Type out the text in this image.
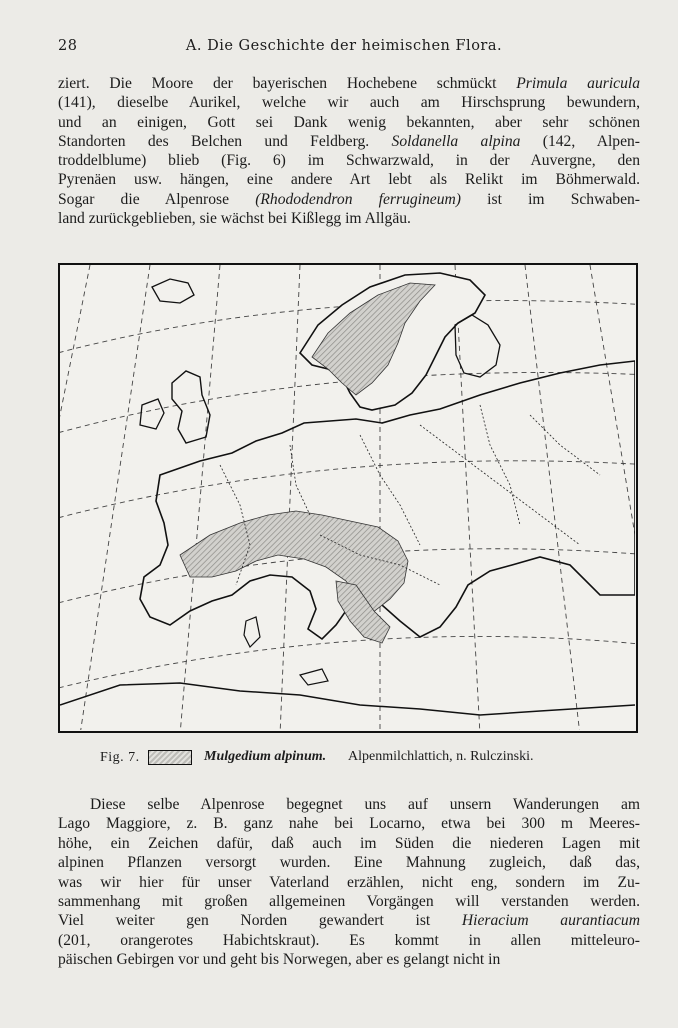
28	A. Die Geschichte der heimischen Flora.
ziert. Die Moore der bayerischen Hochebene schmückt Primula auricula
(141), dieselbe Aurikel, welche wir auch am Hirschsprung bewundern,
und an einigen, Gott sei Dank wenig bekannten, aber sehr schönen
Standorten des Belchen und Feldberg. Soldanella alpina (142, Alpen-
troddelblume) blieb (Fig. 6) im Schwarzwald, in der Auvergne, den
Pyrenäen usw. hängen, eine andere Art lebt als Relikt im Böhmerwald.
Sogar die Alpenrose (Rhododendron ferrugineum) ist im Schwaben-
land zurückgeblieben, sie wächst bei Kißlegg im Allgäu.
Fig. 7.	Mulgedium alpinum. Alpenmilchlattich, n. Rulczinski.
Diese selbe Alpenrose begegnet uns auf unsern Wanderungen am
Lago Maggiore, z. B. ganz nahe bei Locarno, etwa bei 300 m Meeres-
höhe, ein Zeichen dafür, daß auch im Süden die niederen Lagen mit
alpinen Pflanzen versorgt wurden. Eine Mahnung zugleich, daß das,
was wir hier für unser Vaterland erzählen, nicht eng, sondern im Zu-
sammenhang mit großen allgemeinen Vorgängen will verstanden werden.
Viel weiter gen Norden gewandert ist Hieracium aurantiacum
(201, orangerotes Habichtskraut). Es kommt in allen mitteleuro-
päischen Gebirgen vor und geht bis Norwegen, aber es gelangt nicht in
